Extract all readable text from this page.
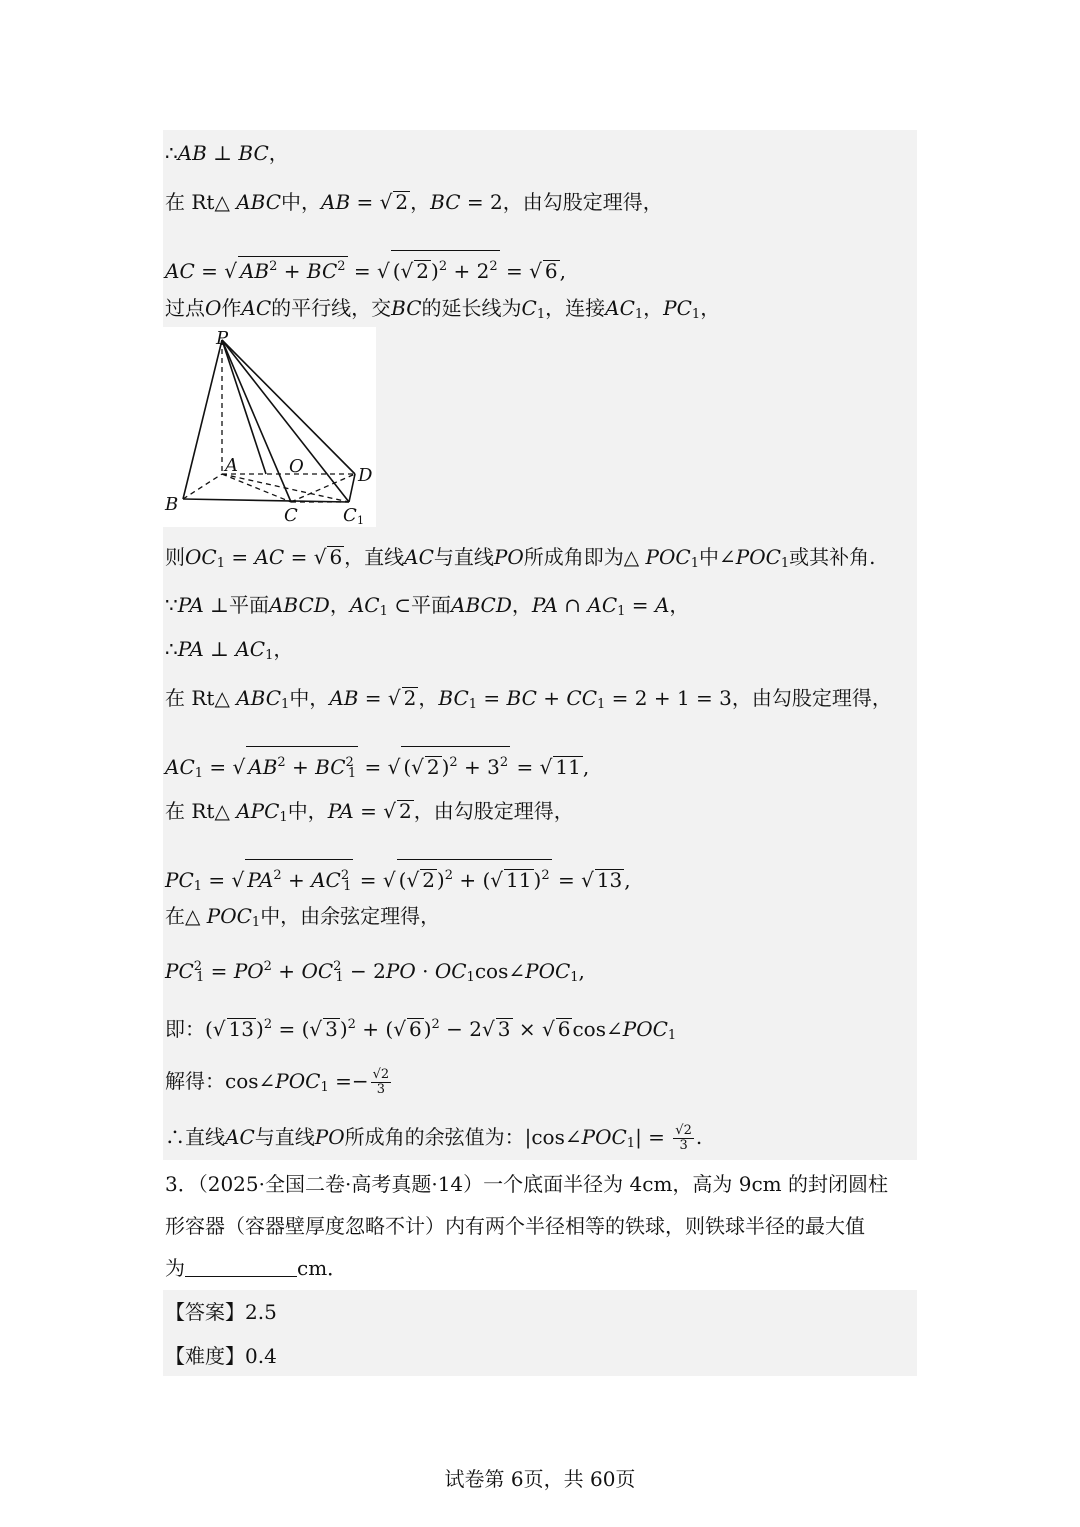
∴AB ⊥ BC，
在 Rt△ ABC中，AB = √ 2 ，BC = 2，由勾股定理得，
AC = √ $AB^2 + BC^2$ = √ (√ 2 )$^2 + 2^2$ = √ 6 ,
过点O作AC的平行线，交BC的延长线为$C_1$，连接$AC_1$，$PC_1$，
P
A	O	D
B
C	C 1
则$OC_1$ = AC = √ 6 ，直线AC与直线PO所成角即为△ $POC_1$中$\angle POC_1$或其补角.
∵PA ⊥平面ABCD，$AC_1$ ⊂平面ABCD，PA ∩ $AC_1 = A$，
∴PA ⊥ $AC_1$，
在 Rt△ $ABC_1$中，AB = √ 2 ，$BC_1$ = BC + $CC_1 = 2 + 1 = 3$，由勾股定理得，
$AC_1$ = √ $AB^2 + BC^2_1$ = √ (√ 2 )$^2 + 3^2$ = √ 11 ,
在 Rt△ $APC_1$中，PA = √ 2 ，由勾股定理得，
$PC_1$ = √ $PA^2 + AC^2_1$ = √ (√ 2 )$^2$ + (√ 11 )$^2$ = √ 13 ,
在△ $POC_1$中，由余弦定理得，
$PC^2_1 = PO^2 + OC^2_1 - 2PO$ · $OC_1\cos\angle POC_1$,
即：(√ 13 )$^2$ = (√ 3 )$^2$ + (√ 6 )$^2$ − 2√ 3 × √ 6 $\cos\angle POC_1$
解得：$\cos\angle POC_1 =- \frac{√2}{3}$
∴直线AC与直线PO所成角的余弦值为：$|\cos\angle POC_1| = \frac{√2}{3}$ .
3．（2025·全国二卷·高考真题·14）一个底面半径为 4cm，高为 9cm 的封闭圆柱
形容器（容器壁厚度忽略不计）内有两个半径相等的铁球，则铁球半径的最大值
为	cm．
【答案】2.5
【难度】0.4
试卷第 6页，共 60页
